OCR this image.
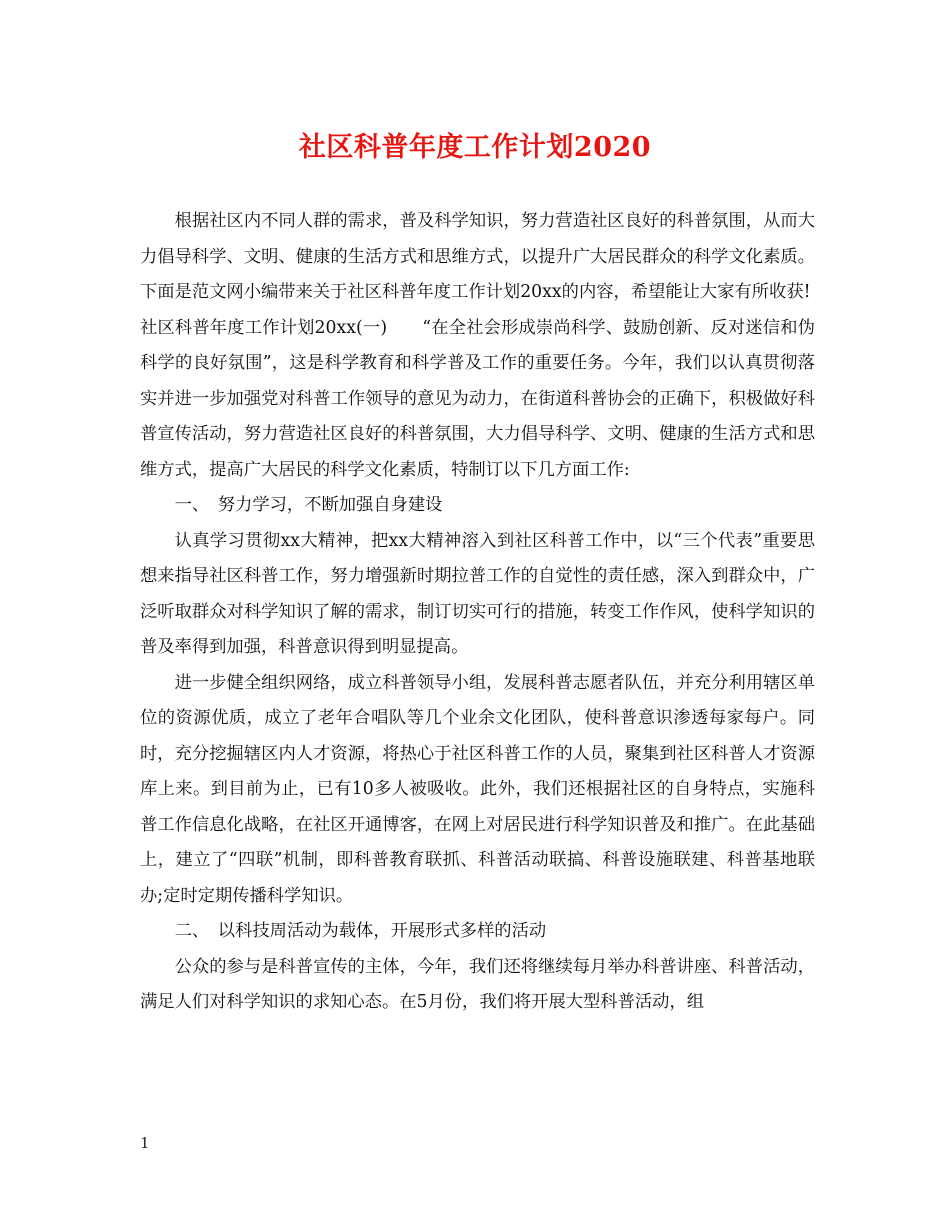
社区科普年度工作计划2020

根据社区内不同人群的需求，普及科学知识，努力营造社区良好的科普氛围，从而大力倡导科学、文明、健康的生活方式和思维方式，以提升广大居民群众的科学文化素质。下面是范文网小编带来关于社区科普年度工作计划20xx的内容，希望能让大家有所收获!

社区科普年度工作计划20xx(一)　　“在全社会形成崇尚科学、鼓励创新、反对迷信和伪科学的良好氛围”，这是科学教育和科学普及工作的重要任务。今年，我们以认真贯彻落实并进一步加强党对科普工作领导的意见为动力，在街道科普协会的正确下，积极做好科普宣传活动，努力营造社区良好的科普氛围，大力倡导科学、文明、健康的生活方式和思维方式，提高广大居民的科学文化素质，特制订以下几方面工作:

一、　努力学习，不断加强自身建设

认真学习贯彻xx大精神，把xx大精神溶入到社区科普工作中，以“三个代表”重要思想来指导社区科普工作，努力增强新时期拉普工作的自觉性的责任感，深入到群众中，广泛听取群众对科学知识了解的需求，制订切实可行的措施，转变工作作风，使科学知识的普及率得到加强，科普意识得到明显提高。

进一步健全组织网络，成立科普领导小组，发展科普志愿者队伍，并充分利用辖区单位的资源优质，成立了老年合唱队等几个业余文化团队，使科普意识渗透每家每户。同时，充分挖掘辖区内人才资源，将热心于社区科普工作的人员，聚集到社区科普人才资源库上来。到目前为止，已有10多人被吸收。此外，我们还根据社区的自身特点，实施科普工作信息化战略，在社区开通博客，在网上对居民进行科学知识普及和推广。在此基础上，建立了“四联”机制，即科普教育联抓、科普活动联搞、科普设施联建、科普基地联办;定时定期传播科学知识。

二、　以科技周活动为载体，开展形式多样的活动

公众的参与是科普宣传的主体，今年，我们还将继续每月举办科普讲座、科普活动，满足人们对科学知识的求知心态。在5月份，我们将开展大型科普活动，组

1
